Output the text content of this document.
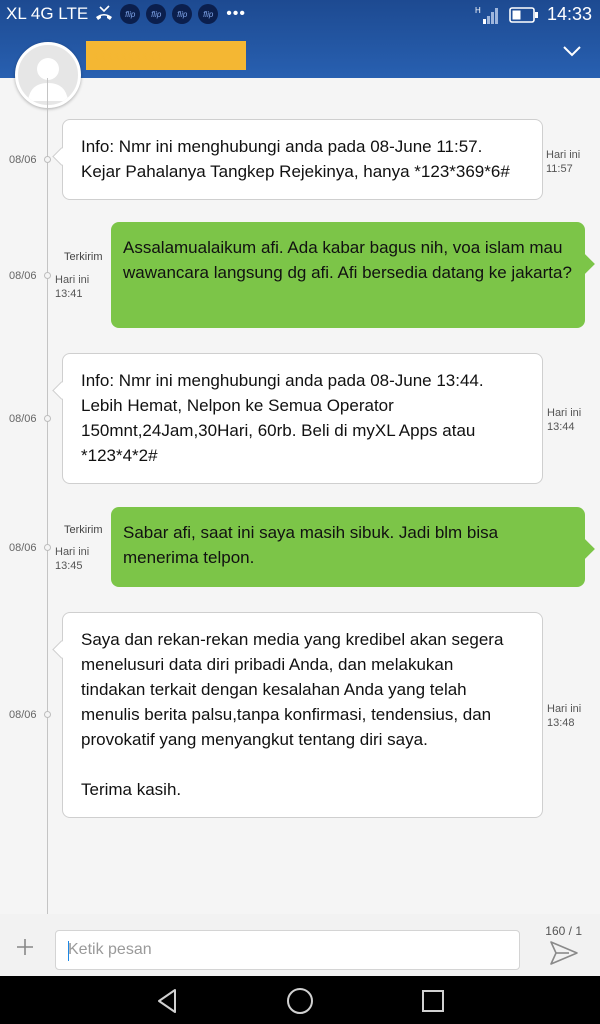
XL 4G LTE	flip	flip	flip	flip •••	H	14:33
xxxxxxxxxx
08/06
Info: Nmr ini menghubungi anda pada 08-June 11:57.
Kejar Pahalanya Tangkep Rejekinya, hanya *123*369*6#
Hari ini
11:57
Terkirim
08/06 Hari ini
13:41
Assalamualaikum afi. Ada kabar bagus nih, voa islam mau wawancara langsung dg afi. Afi bersedia datang ke jakarta?
08/06
Info: Nmr ini menghubungi anda pada 08-June 13:44.
Lebih Hemat, Nelpon ke Semua Operator
150mnt,24Jam,30Hari, 60rb. Beli di myXL Apps atau
*123*4*2#
Hari ini
13:44
Terkirim
08/06 Hari ini
13:45
Sabar afi, saat ini saya masih sibuk. Jadi blm bisa menerima telpon.
08/06
Saya dan rekan-rekan media yang kredibel akan segera
menelusuri data diri pribadi Anda, dan melakukan
tindakan terkait dengan kesalahan Anda yang telah
menulis berita palsu,tanpa konfirmasi, tendensius, dan
provokatif yang menyangkut tentang diri saya.

Terima kasih.
Hari ini
13:48
Ketik pesan
160 / 1
